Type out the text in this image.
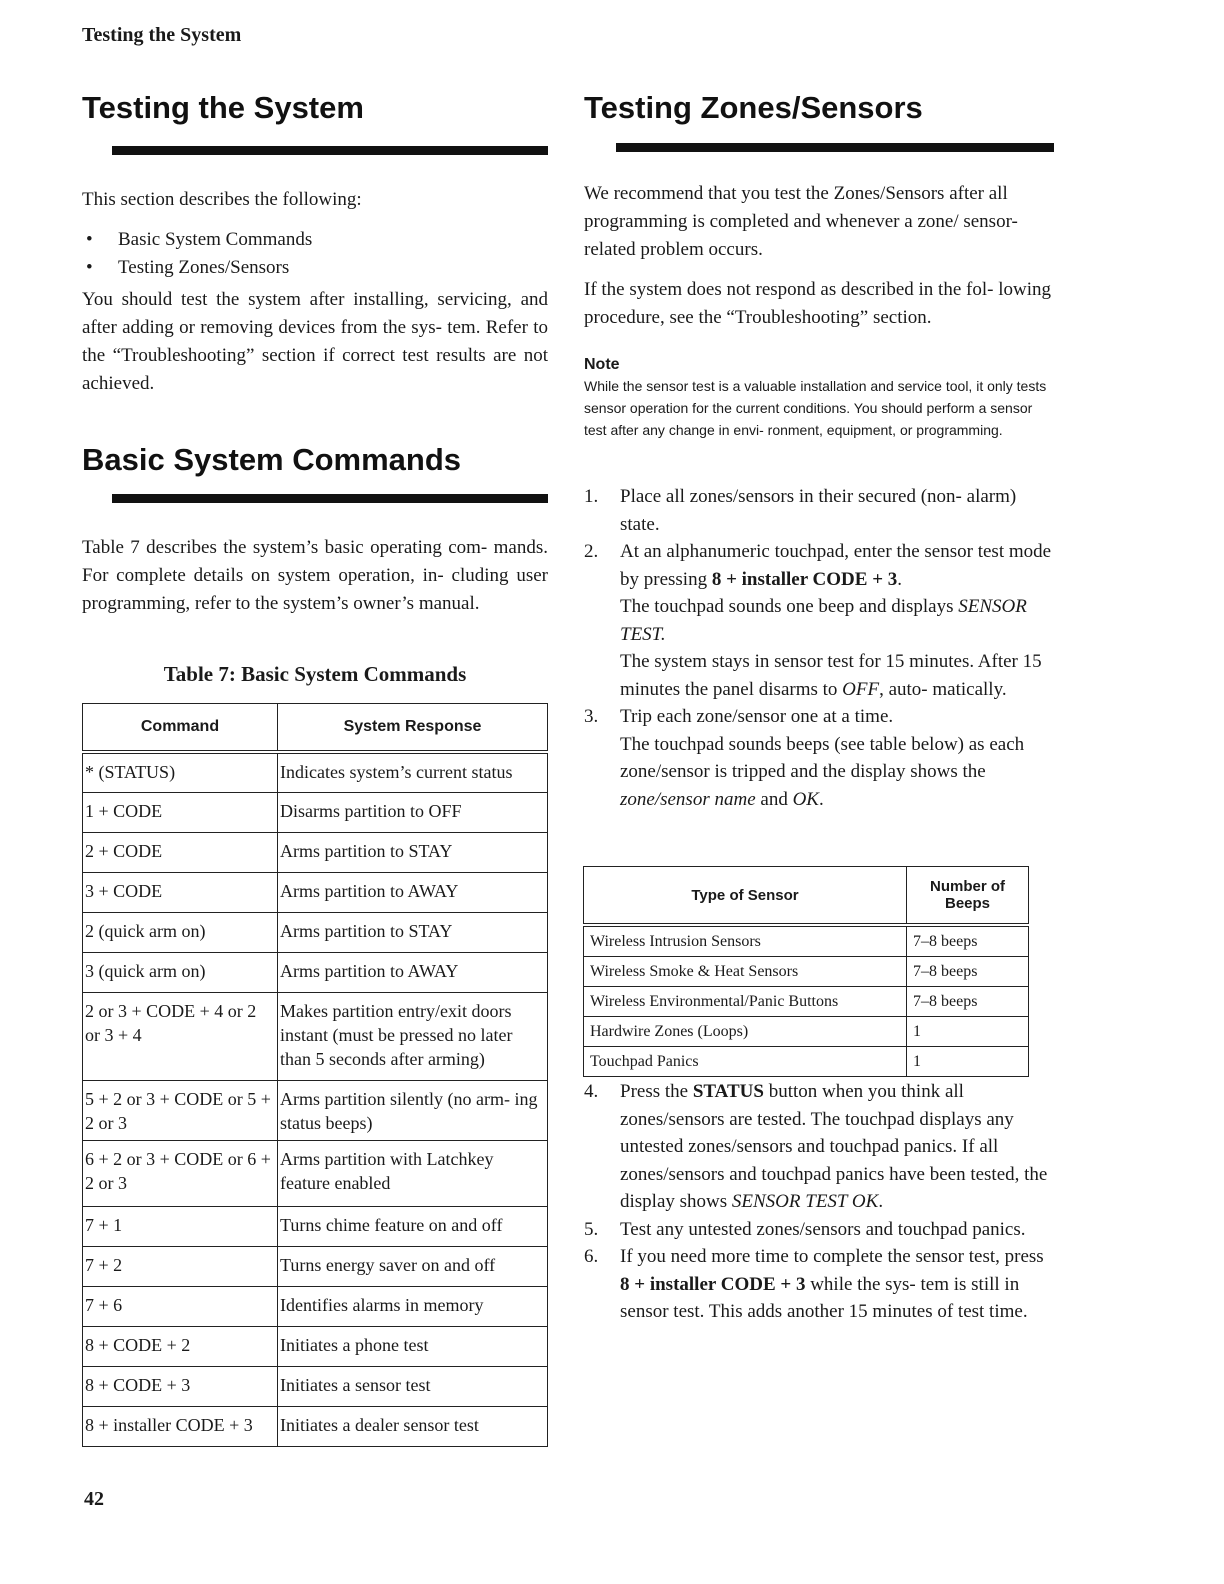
Testing the System
Testing the System
This section describes the following:
• Basic System Commands
• Testing Zones/Sensors
You should test the system after installing, servicing, and after adding or removing devices from the sys- tem. Refer to the “Troubleshooting” section if correct test results are not achieved.
Basic System Commands
Table 7 describes the system’s basic operating com- mands. For complete details on system operation, in- cluding user programming, refer to the system’s owner’s manual.
Table 7: Basic System Commands
Command	System Response
* (STATUS)	Indicates system’s current status
1 + CODE	Disarms partition to OFF
2 + CODE	Arms partition to STAY
3 + CODE	Arms partition to AWAY
2 (quick arm on)	Arms partition to STAY
3 (quick arm on)	Arms partition to AWAY
2 or 3 + CODE + 4 or 2 or 3 + 4	Makes partition entry/exit doors instant (must be pressed no later than 5 seconds after arming)
5 + 2 or 3 + CODE or 5 + 2 or 3	Arms partition silently (no arm- ing status beeps)
6 + 2 or 3 + CODE or 6 + 2 or 3	Arms partition with Latchkey feature enabled
7 + 1	Turns chime feature on and off
7 + 2	Turns energy saver on and off
7 + 6	Identifies alarms in memory
8 + CODE + 2	Initiates a phone test
8 + CODE + 3	Initiates a sensor test
8 + installer CODE + 3	Initiates a dealer sensor test
Testing Zones/Sensors
We recommend that you test the Zones/Sensors after all programming is completed and whenever a zone/ sensor-related problem occurs.
If the system does not respond as described in the fol- lowing procedure, see the “Troubleshooting” section.
Note
While the sensor test is a valuable installation and service tool, it only tests sensor operation for the current conditions. You should perform a sensor test after any change in envi- ronment, equipment, or programming.
1. Place all zones/sensors in their secured (non- alarm) state.
2. At an alphanumeric touchpad, enter the sensor test mode by pressing 8 + installer CODE + 3.
The touchpad sounds one beep and displays SENSOR TEST.
The system stays in sensor test for 15 minutes. After 15 minutes the panel disarms to OFF, auto- matically.
3. Trip each zone/sensor one at a time.
The touchpad sounds beeps (see table below) as each zone/sensor is tripped and the display shows the zone/sensor name and OK.
Type of Sensor	Number of Beeps
Wireless Intrusion Sensors	7–8 beeps
Wireless Smoke & Heat Sensors	7–8 beeps
Wireless Environmental/Panic Buttons	7–8 beeps
Hardwire Zones (Loops)	1
Touchpad Panics	1
4. Press the STATUS button when you think all zones/sensors are tested. The touchpad displays any untested zones/sensors and touchpad panics. If all zones/sensors and touchpad panics have been tested, the display shows SENSOR TEST OK.
5. Test any untested zones/sensors and touchpad panics.
6. If you need more time to complete the sensor test, press 8 + installer CODE + 3 while the sys- tem is still in sensor test. This adds another 15 minutes of test time.
42
